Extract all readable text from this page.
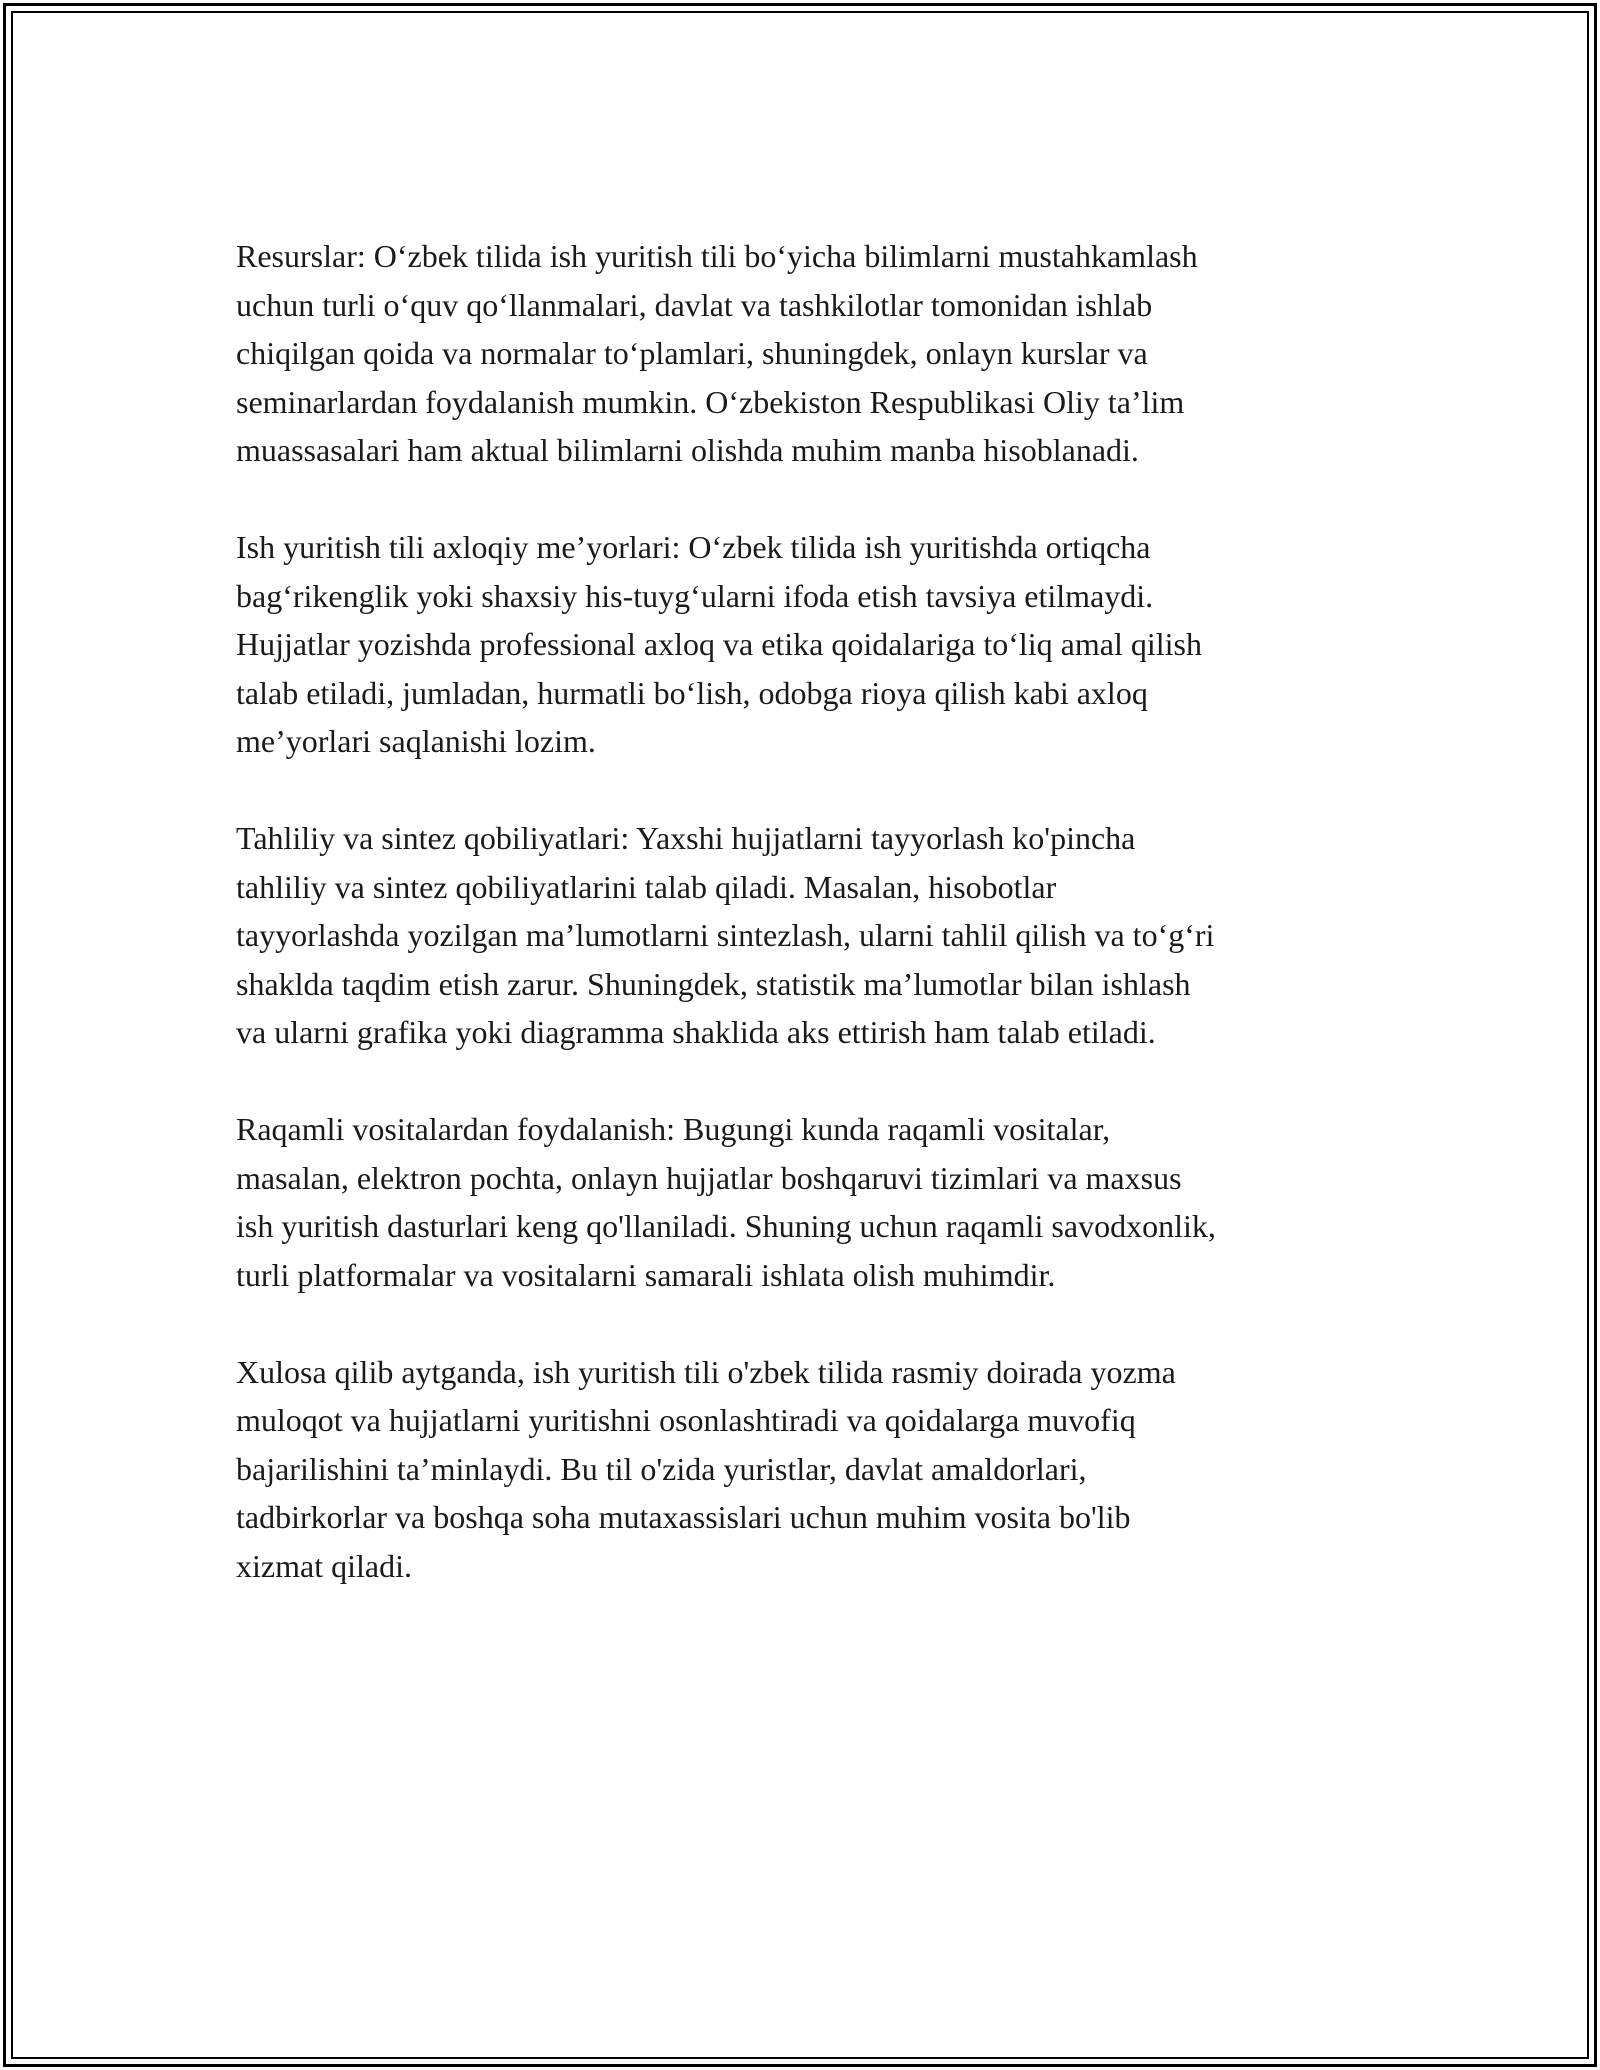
Resurslar: O‘zbek tilida ish yuritish tili bo‘yicha bilimlarni mustahkamlash
uchun turli o‘quv qo‘llanmalari, davlat va tashkilotlar tomonidan ishlab
chiqilgan qoida va normalar to‘plamlari, shuningdek, onlayn kurslar va
seminarlardan foydalanish mumkin. O‘zbekiston Respublikasi Oliy ta’lim
muassasalari ham aktual bilimlarni olishda muhim manba hisoblanadi.

Ish yuritish tili axloqiy me’yorlari: O‘zbek tilida ish yuritishda ortiqcha
bag‘rikenglik yoki shaxsiy his-tuyg‘ularni ifoda etish tavsiya etilmaydi.
Hujjatlar yozishda professional axloq va etika qoidalariga to‘liq amal qilish
talab etiladi, jumladan, hurmatli bo‘lish, odobga rioya qilish kabi axloq
me’yorlari saqlanishi lozim.

Tahliliy va sintez qobiliyatlari: Yaxshi hujjatlarni tayyorlash ko'pincha
tahliliy va sintez qobiliyatlarini talab qiladi. Masalan, hisobotlar
tayyorlashda yozilgan ma’lumotlarni sintezlash, ularni tahlil qilish va to‘g‘ri
shaklda taqdim etish zarur. Shuningdek, statistik ma’lumotlar bilan ishlash
va ularni grafika yoki diagramma shaklida aks ettirish ham talab etiladi.

Raqamli vositalardan foydalanish: Bugungi kunda raqamli vositalar,
masalan, elektron pochta, onlayn hujjatlar boshqaruvi tizimlari va maxsus
ish yuritish dasturlari keng qo'llaniladi. Shuning uchun raqamli savodxonlik,
turli platformalar va vositalarni samarali ishlata olish muhimdir.

Xulosa qilib aytganda, ish yuritish tili o'zbek tilida rasmiy doirada yozma
muloqot va hujjatlarni yuritishni osonlashtiradi va qoidalarga muvofiq
bajarilishini ta’minlaydi. Bu til o'zida yuristlar, davlat amaldorlari,
tadbirkorlar va boshqa soha mutaxassislari uchun muhim vosita bo'lib
xizmat qiladi.
